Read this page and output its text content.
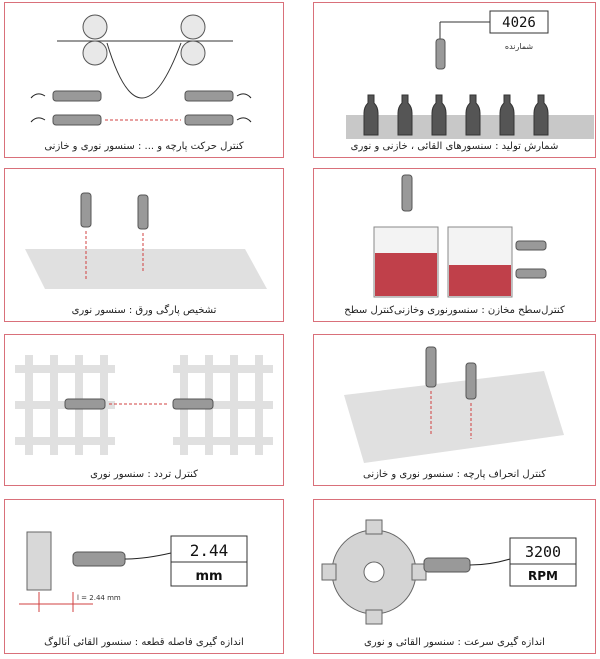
کنترل حرکت پارچه و ... : سنسور نوری و خازنی
4026
شمارنده
شمارش تولید : سنسورهای القائی ، خازنی و نوری
تشخیص پارگی ورق : سنسور نوری	کنترل‌سطح مخازن : سنسورنوری وخازنی‌کنترل سطح
کنترل تردد : سنسور نوری	کنترل انحراف پارچه : سنسور نوری و خازنی
2.44
mm
l = 2.44 mm
اندازه گیری فاصله قطعه : سنسور القائی آنالوگ
3200
RPM
اندازه گیری سرعت : سنسور القائی و نوری
